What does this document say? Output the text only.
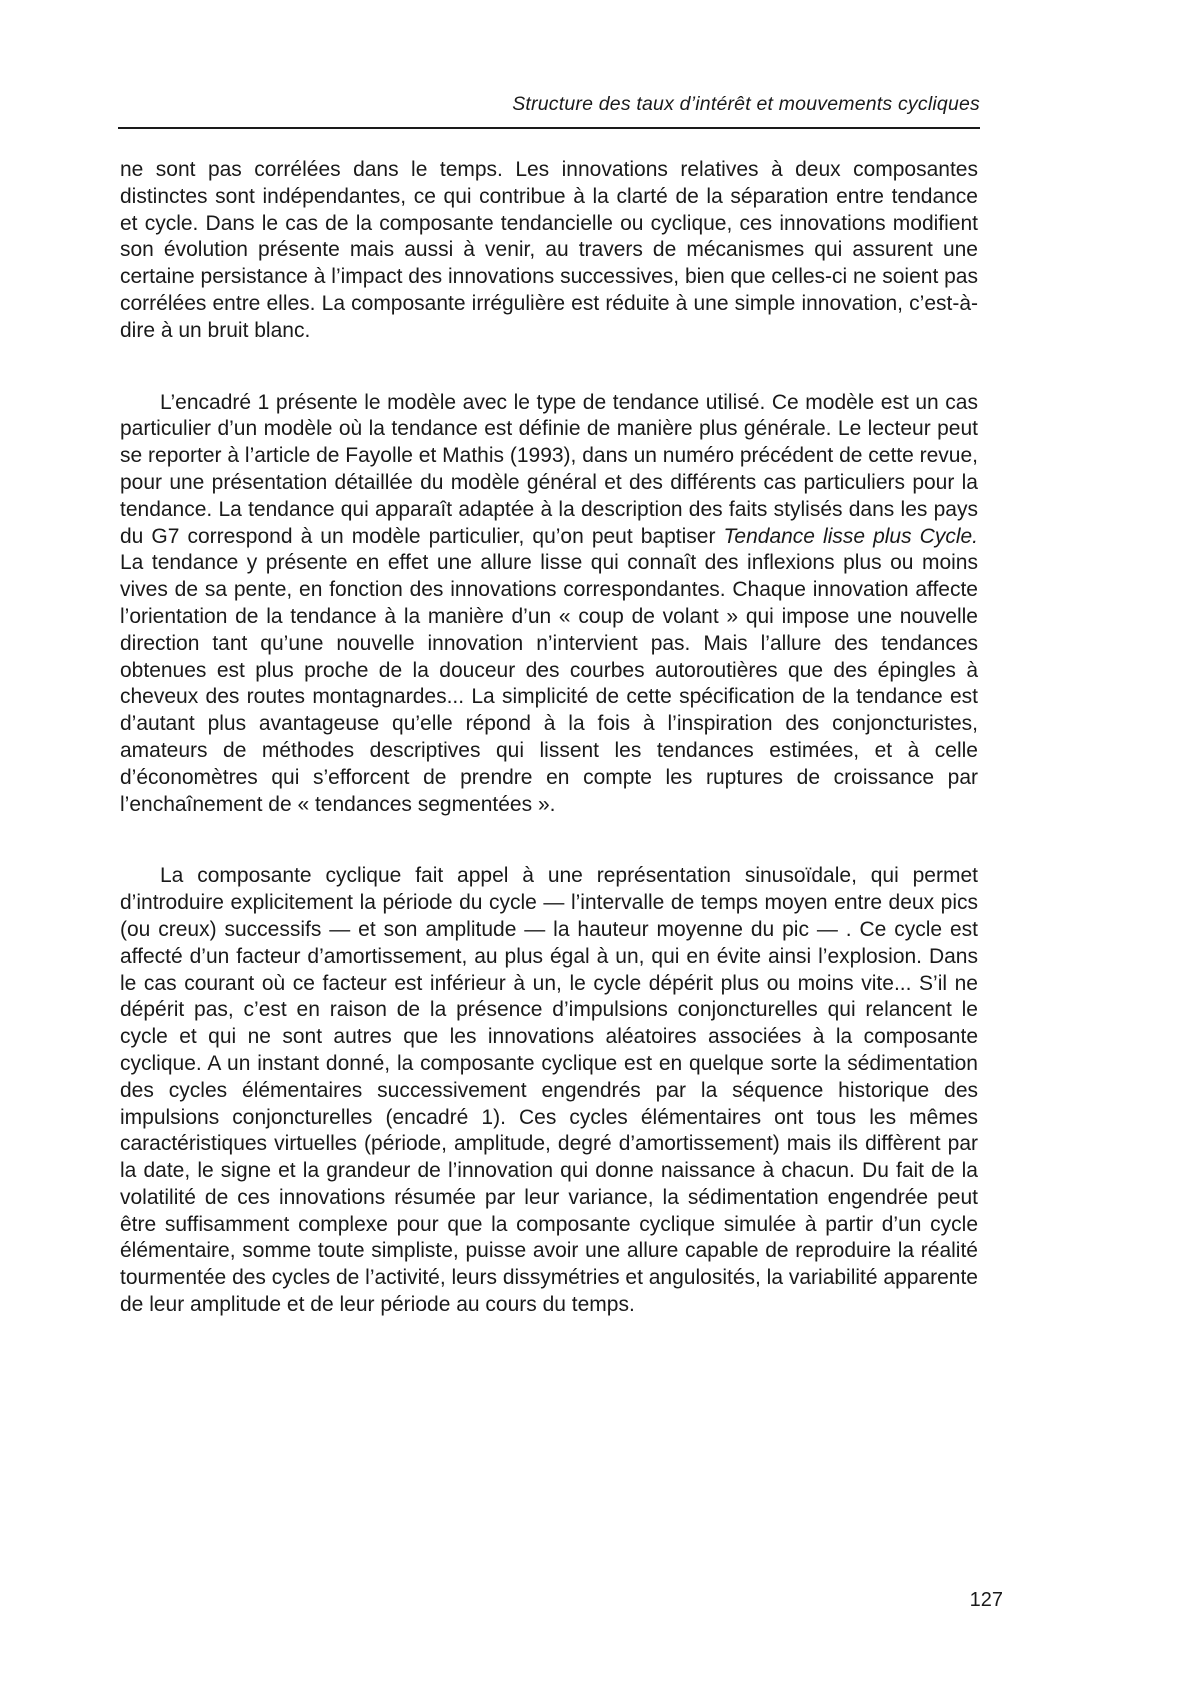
Structure des taux d’intérêt et mouvements cycliques

ne sont pas corrélées dans le temps. Les innovations relatives à deux composantes distinctes sont indépendantes, ce qui contribue à la clarté de la séparation entre tendance et cycle. Dans le cas de la composante tendancielle ou cyclique, ces innovations modifient son évolution présente mais aussi à venir, au travers de mécanismes qui assurent une certaine persistance à l’impact des innovations successives, bien que celles-ci ne soient pas corrélées entre elles. La composante irrégulière est réduite à une simple innovation, c’est-à-dire à un bruit blanc.

L’encadré 1 présente le modèle avec le type de tendance utilisé. Ce modèle est un cas particulier d’un modèle où la tendance est définie de manière plus générale. Le lecteur peut se reporter à l’article de Fayolle et Mathis (1993), dans un numéro précédent de cette revue, pour une présentation détaillée du modèle général et des différents cas particuliers pour la tendance. La tendance qui apparaît adaptée à la description des faits stylisés dans les pays du G7 correspond à un modèle particulier, qu’on peut baptiser Tendance lisse plus Cycle. La tendance y présente en effet une allure lisse qui connaît des inflexions plus ou moins vives de sa pente, en fonction des innovations correspondantes. Chaque innovation affecte l’orientation de la tendance à la manière d’un « coup de volant » qui impose une nouvelle direction tant qu’une nouvelle innovation n’intervient pas. Mais l’allure des tendances obtenues est plus proche de la douceur des courbes autoroutières que des épingles à cheveux des routes montagnardes... La simplicité de cette spécification de la tendance est d’autant plus avantageuse qu’elle répond à la fois à l’inspiration des conjoncturistes, amateurs de méthodes descriptives qui lissent les tendances estimées, et à celle d’économètres qui s’efforcent de prendre en compte les ruptures de croissance par l’enchaînement de « tendances segmentées ».

La composante cyclique fait appel à une représentation sinusoïdale, qui permet d’introduire explicitement la période du cycle — l’intervalle de temps moyen entre deux pics (ou creux) successifs — et son amplitude — la hauteur moyenne du pic — . Ce cycle est affecté d’un facteur d’amortissement, au plus égal à un, qui en évite ainsi l’explosion. Dans le cas courant où ce facteur est inférieur à un, le cycle dépérit plus ou moins vite... S’il ne dépérit pas, c’est en raison de la présence d’impulsions conjoncturelles qui relancent le cycle et qui ne sont autres que les innovations aléatoires associées à la composante cyclique. A un instant donné, la composante cyclique est en quelque sorte la sédimentation des cycles élémentaires successivement engendrés par la séquence historique des impulsions conjoncturelles (encadré 1). Ces cycles élémentaires ont tous les mêmes caractéristiques virtuelles (période, amplitude, degré d’amortissement) mais ils diffèrent par la date, le signe et la grandeur de l’innovation qui donne naissance à chacun. Du fait de la volatilité de ces innovations résumée par leur variance, la sédimentation engendrée peut être suffisamment complexe pour que la composante cyclique simulée à partir d’un cycle élémentaire, somme toute simpliste, puisse avoir une allure capable de reproduire la réalité tourmentée des cycles de l’activité, leurs dissymétries et angulosités, la variabilité apparente de leur amplitude et de leur période au cours du temps.

127
